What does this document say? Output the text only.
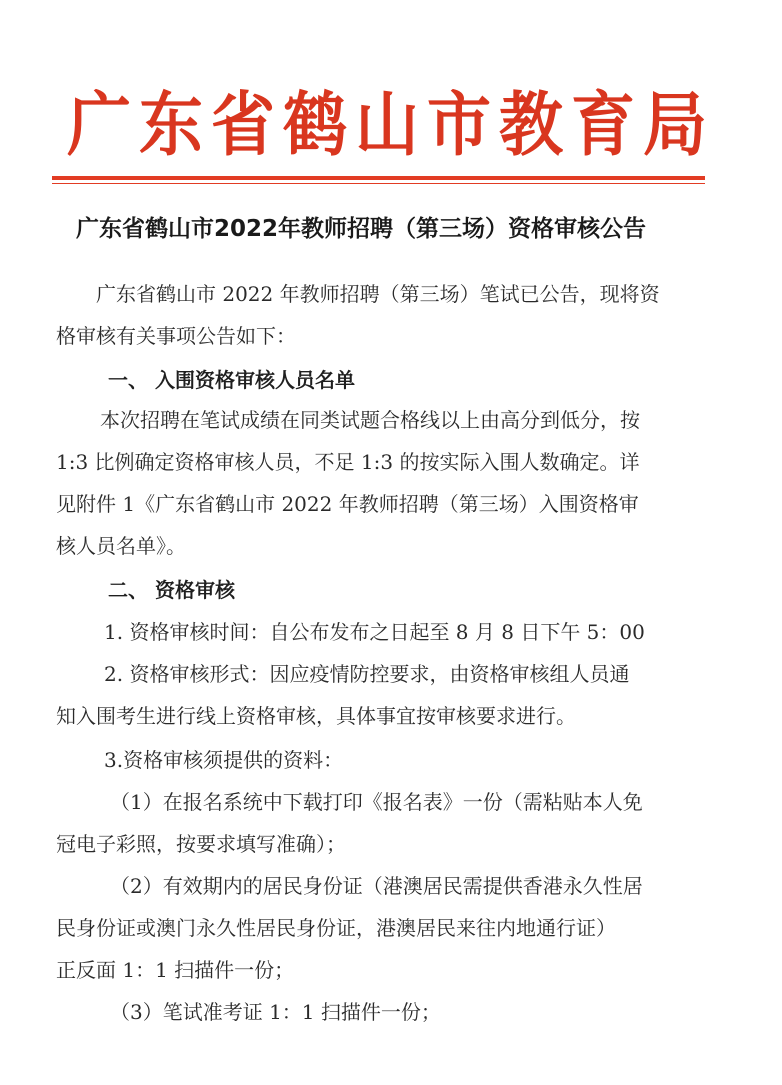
广东省鹤山市教育局
广东省鹤山市2022年教师招聘（第三场）资格审核公告
广东省鹤山市 2022 年教师招聘（第三场）笔试已公告，现将资
格审核有关事项公告如下：
一、 入围资格审核人员名单
本次招聘在笔试成绩在同类试题合格线以上由高分到低分，按
1:3 比例确定资格审核人员，不足 1:3 的按实际入围人数确定。详
见附件 1《广东省鹤山市 2022 年教师招聘（第三场）入围资格审
核人员名单》。
二、 资格审核
1. 资格审核时间：自公布发布之日起至 8 月 8 日下午 5：00
2. 资格审核形式：因应疫情防控要求，由资格审核组人员通
知入围考生进行线上资格审核，具体事宜按审核要求进行。
3.资格审核须提供的资料：
（1）在报名系统中下载打印《报名表》一份（需粘贴本人免
冠电子彩照，按要求填写准确）；
（2）有效期内的居民身份证（港澳居民需提供香港永久性居
民身份证或澳门永久性居民身份证，港澳居民来往内地通行证）
正反面 1：1 扫描件一份；
（3）笔试准考证 1：1 扫描件一份；
